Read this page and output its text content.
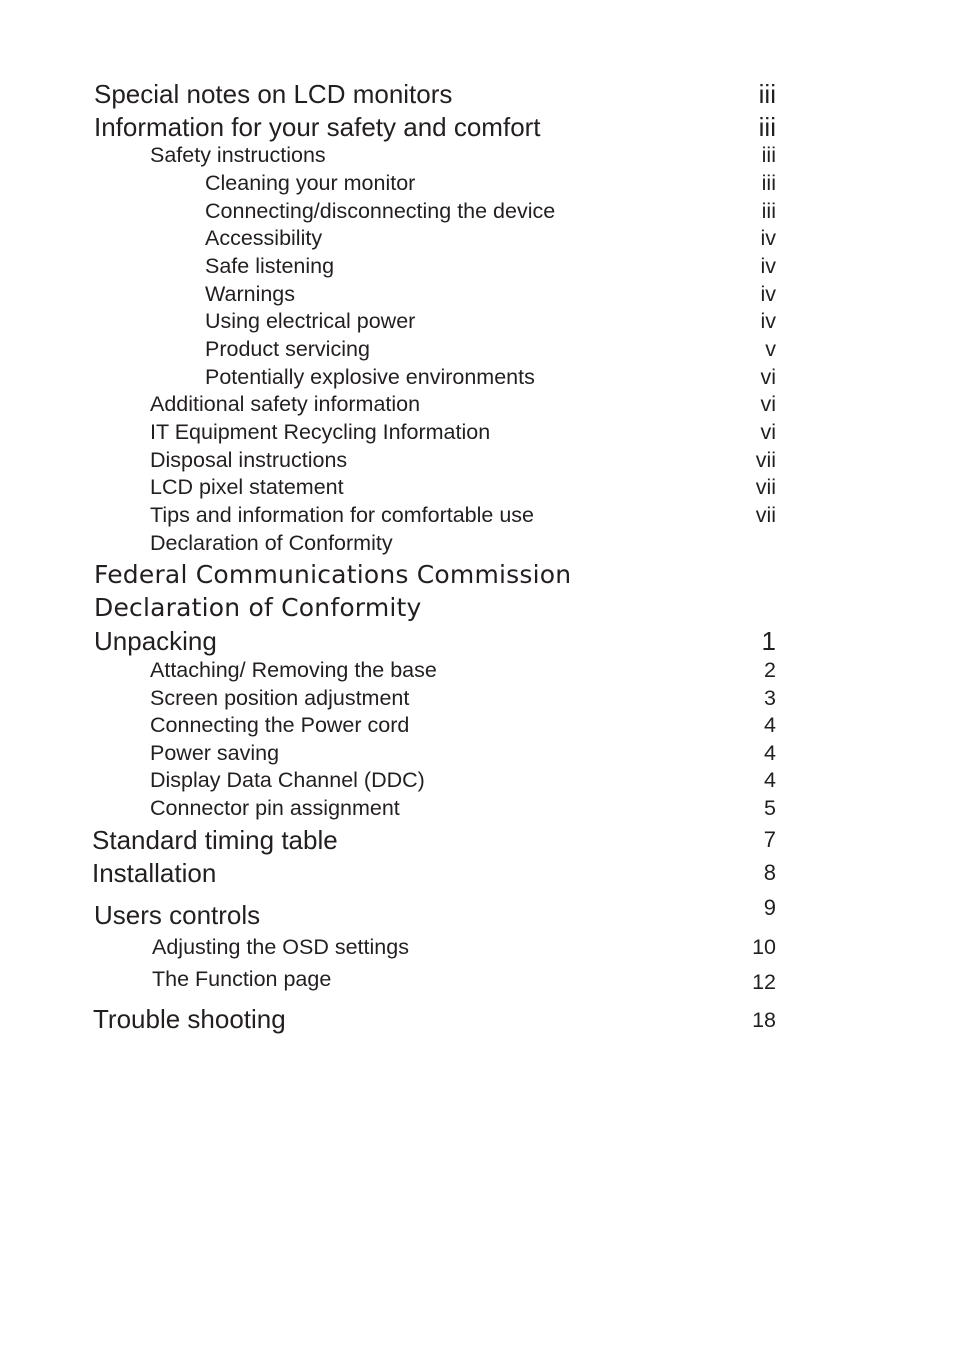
Special notes on LCD monitors	iii
Information for your safety and comfort	iii
Safety instructions	iii
Cleaning your monitor	iii
Connecting/disconnecting the device	iii
Accessibility	iv
Safe listening	iv
Warnings	iv
Using electrical power	iv
Product servicing	v
Potentially explosive environments	vi
Additional safety information	vi
IT Equipment Recycling Information	vi
Disposal instructions	vii
LCD pixel statement	vii
Tips and information for comfortable use	vii
Declaration of Conformity
Federal Communications Commission
Declaration of Conformity
Unpacking	1
Attaching/ Removing the base	2
Screen position adjustment	3
Connecting the Power cord	4
Power saving	4
Display Data Channel (DDC)	4
Connector pin assignment	5
Standard timing table	7
Installation	8
Users controls	9
Adjusting the OSD settings	10
The Function page	12
Trouble shooting	18
